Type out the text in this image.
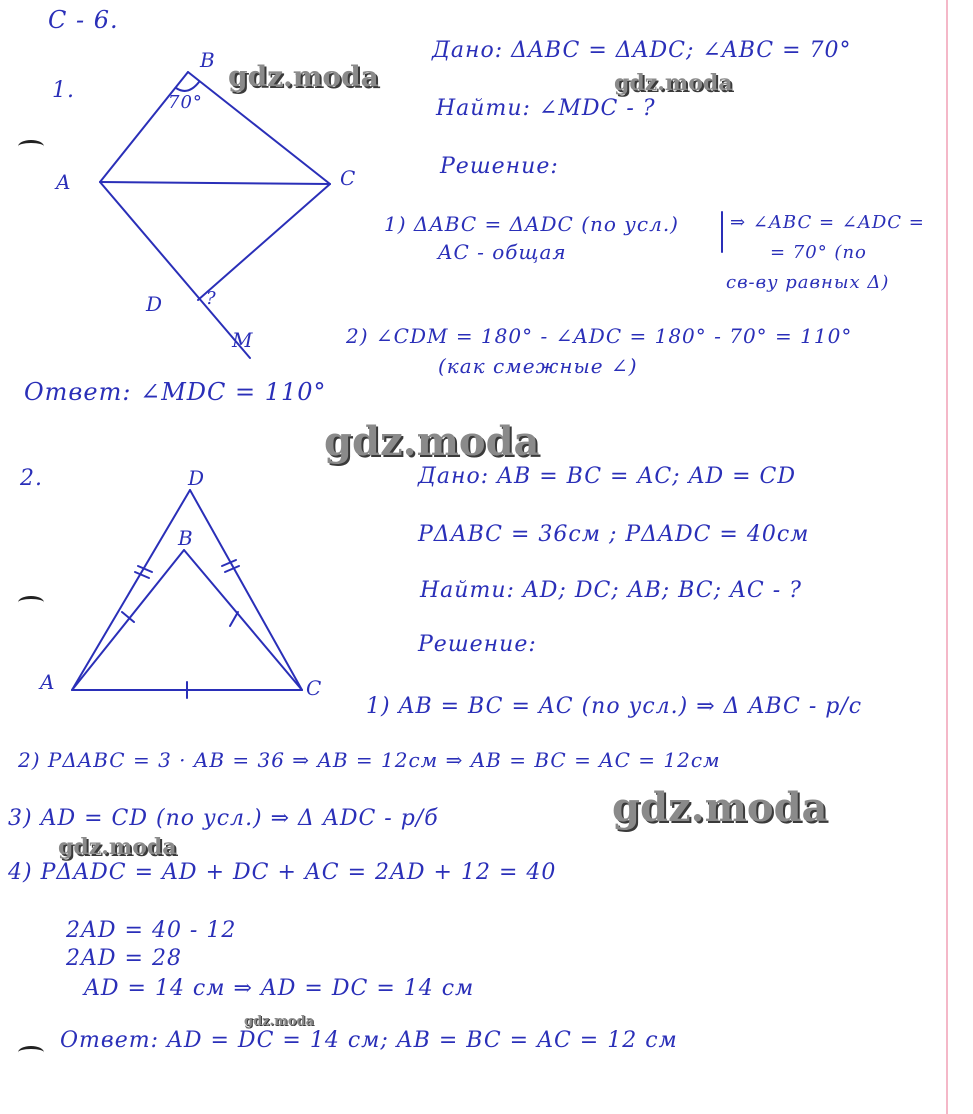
С - 6.
1.
A
B
C
D
M
70°
?
Дано: ΔABC = ΔADC; ∠ABC = 70°
Найти: ∠MDC - ?
Решение:
1) ΔABC = ΔADC (по усл.)
AC - общая
⇒ ∠ABC = ∠ADC =
= 70° (по
св-ву равных Δ)
2) ∠CDM = 180° - ∠ADC = 180° - 70° = 110°
(как смежные ∠)
Ответ: ∠MDC = 110°
2.
A
B
C
D	Дано: AB = BC = AC; AD = CD
PΔABC = 36см ; PΔADC = 40см
Найти: AD; DC; AB; BC; AC - ?
Решение:
1) AB = BC = AC (по усл.) ⇒ Δ ABC - р/с
2) PΔABC = 3 · AB = 36 ⇒ AB = 12см ⇒ AB = BC = AC = 12см
3) AD = CD (по усл.) ⇒ Δ ADC - р/б
4) PΔADC = AD + DC + AC = 2AD + 12 = 40
2AD = 40 - 12
2AD = 28
AD = 14 см ⇒ AD = DC = 14 см
Ответ: AD = DC = 14 см; AB = BC = AC = 12 см
gdz.moda	gdz.moda
gdz.moda
gdz.moda
gdz.moda
gdz.moda
